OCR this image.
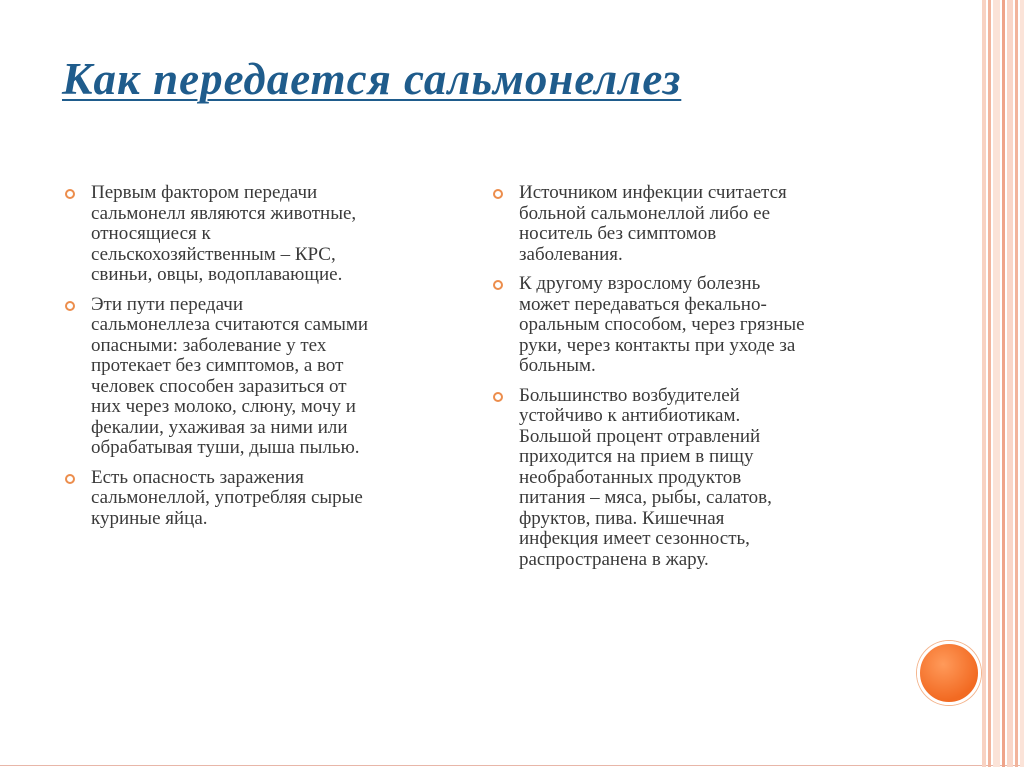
Как передается сальмонеллез
Первым фактором передачи
сальмонелл являются животные,
относящиеся к
сельскохозяйственным – КРС,
свиньи, овцы, водоплавающие.
Эти пути передачи
сальмонеллеза считаются самыми
опасными: заболевание у тех
протекает без симптомов, а вот
человек способен заразиться от
них через молоко, слюну, мочу и
фекалии, ухаживая за ними или
обрабатывая туши, дыша пылью.
Есть опасность заражения
сальмонеллой, употребляя сырые
куриные яйца.
Источником инфекции считается
больной сальмонеллой либо ее
носитель без симптомов
заболевания.
К другому взрослому болезнь
может передаваться фекально-
оральным способом, через грязные
руки, через контакты при уходе за
больным.
Большинство возбудителей
устойчиво к антибиотикам.
Большой процент отравлений
приходится на прием в пищу
необработанных продуктов
питания – мяса, рыбы, салатов,
фруктов, пива. Кишечная
инфекция имеет сезонность,
распространена в жару.
